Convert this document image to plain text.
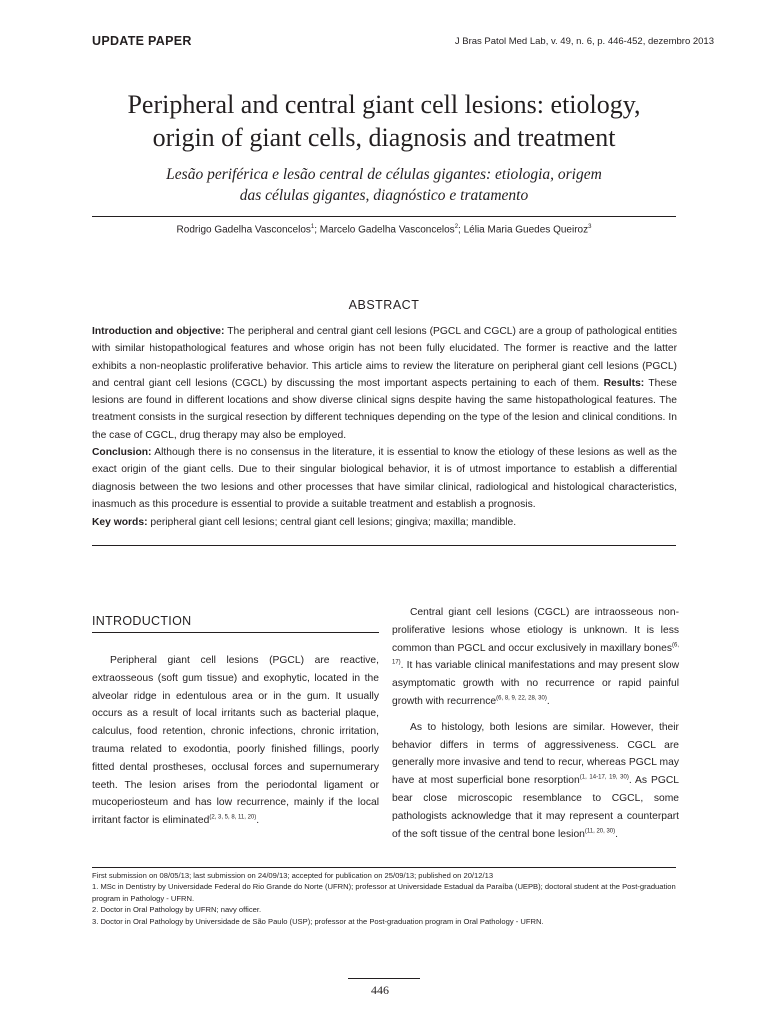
UPDATE PAPER	J Bras Patol Med Lab, v. 49, n. 6, p. 446-452, dezembro 2013
Peripheral and central giant cell lesions: etiology,
origin of giant cells, diagnosis and treatment
Lesão periférica e lesão central de células gigantes: etiologia, origem
das células gigantes, diagnóstico e tratamento
Rodrigo Gadelha Vasconcelos$^1$; Marcelo Gadelha Vasconcelos$^2$; Lélia Maria Guedes Queiroz$^3$
ABSTRACT
Introduction and objective: The peripheral and central giant cell lesions (PGCL and CGCL) are a group of pathological entities with similar histopathological features and whose origin has not been fully elucidated. The former is reactive and the latter exhibits a non-neoplastic proliferative behavior. This article aims to review the literature on peripheral giant cell lesions (PGCL) and central giant cell lesions (CGCL) by discussing the most important aspects pertaining to each of them. Results: These lesions are found in different locations and show diverse clinical signs despite having the same histopathological features. The treatment consists in the surgical resection by different techniques depending on the type of the lesion and clinical conditions. In the case of CGCL, drug therapy may also be employed.
Conclusion: Although there is no consensus in the literature, it is essential to know the etiology of these lesions as well as the exact origin of the giant cells. Due to their singular biological behavior, it is of utmost importance to establish a differential diagnosis between the two lesions and other processes that have similar clinical, radiological and histological characteristics, inasmuch as this procedure is essential to provide a suitable treatment and establish a prognosis.
Key words: peripheral giant cell lesions; central giant cell lesions; gingiva; maxilla; mandible.
INTRODUCTION

Peripheral giant cell lesions (PGCL) are reactive, extraosseous (soft gum tissue) and exophytic, located in the alveolar ridge in edentulous area or in the gum. It usually occurs as a result of local irritants such as bacterial plaque, calculus, food retention, chronic infections, chronic irritation, trauma related to exodontia, poorly finished fillings, poorly fitted dental prostheses, occlusal forces and supernumerary teeth. The lesion arises from the periodontal ligament or mucoperiosteum and has low recurrence, mainly if the local irritant factor is eliminated$^{(2, 3, 5, 8, 11, 20)}$.

Central giant cell lesions (CGCL) are intraosseous non-proliferative lesions whose etiology is unknown. It is less common than PGCL and occur exclusively in maxillary bones$^{(6, 17)}$. It has variable clinical manifestations and may present slow asymptomatic growth with no recurrence or rapid painful growth with recurrence$^{(6, 8, 9, 22, 28, 30)}$.

As to histology, both lesions are similar. However, their behavior differs in terms of aggressiveness. CGCL are generally more invasive and tend to recur, whereas PGCL may have at most superficial bone resorption$^{(1, 14-17, 19, 30)}$. As PGCL bear close microscopic resemblance to CGCL, some pathologists acknowledge that it may represent a counterpart of the soft tissue of the central bone lesion$^{(11, 20, 30)}$.

First submission on 08/05/13; last submission on 24/09/13; accepted for publication on 25/09/13; published on 20/12/13
1. MSc in Dentistry by Universidade Federal do Rio Grande do Norte (UFRN); professor at Universidade Estadual da Paraíba (UEPB); doctoral student at the Post-graduation program in Pathology - UFRN.
2. Doctor in Oral Pathology by UFRN; navy officer.
3. Doctor in Oral Pathology by Universidade de São Paulo (USP); professor at the Post-graduation program in Oral Pathology - UFRN.
446
